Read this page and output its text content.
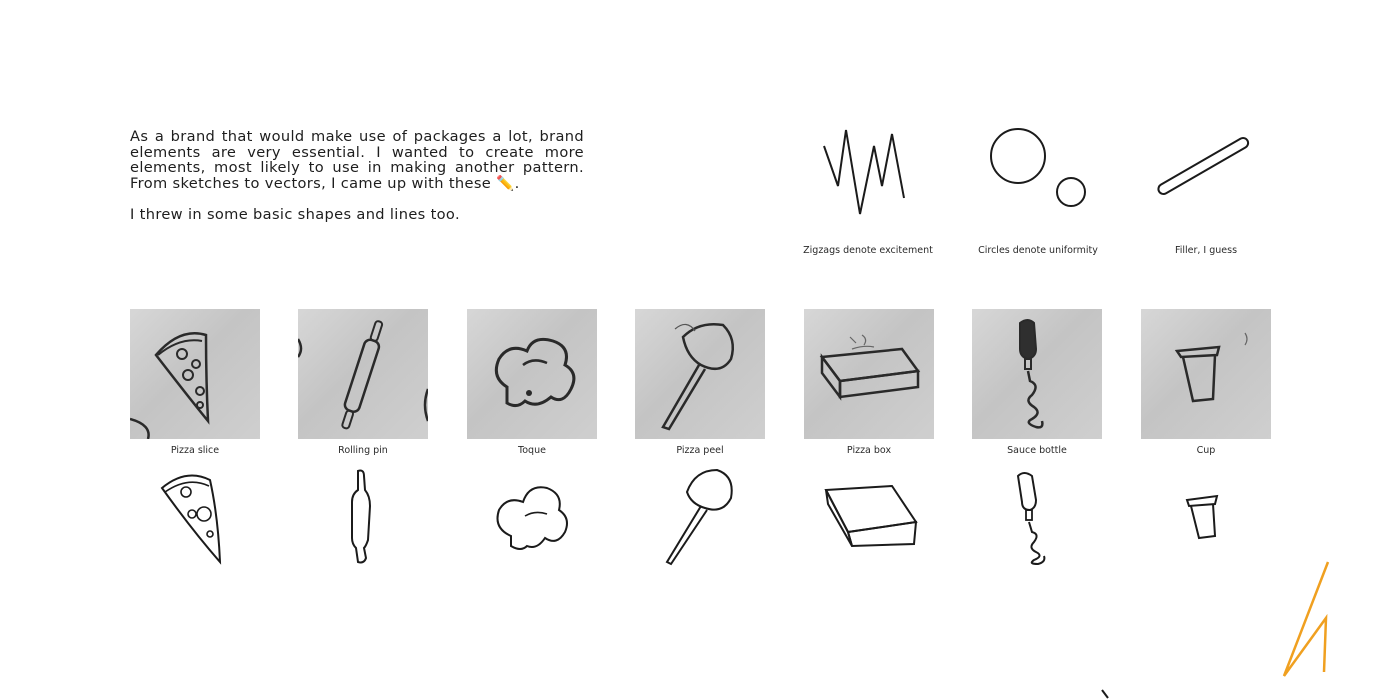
As a brand that would make use of packages a lot, brand elements are very essential. I wanted to create more elements, most likely to use in making another pattern. From sketches to vectors, I came up with these ✏️.

I threw in some basic shapes and lines too.

Zigzags denote excitement	Circles denote uniformity	Filler, I guess
Pizza slice	Rolling pin	Toque	Pizza peel	Pizza box	Sauce bottle	Cup
